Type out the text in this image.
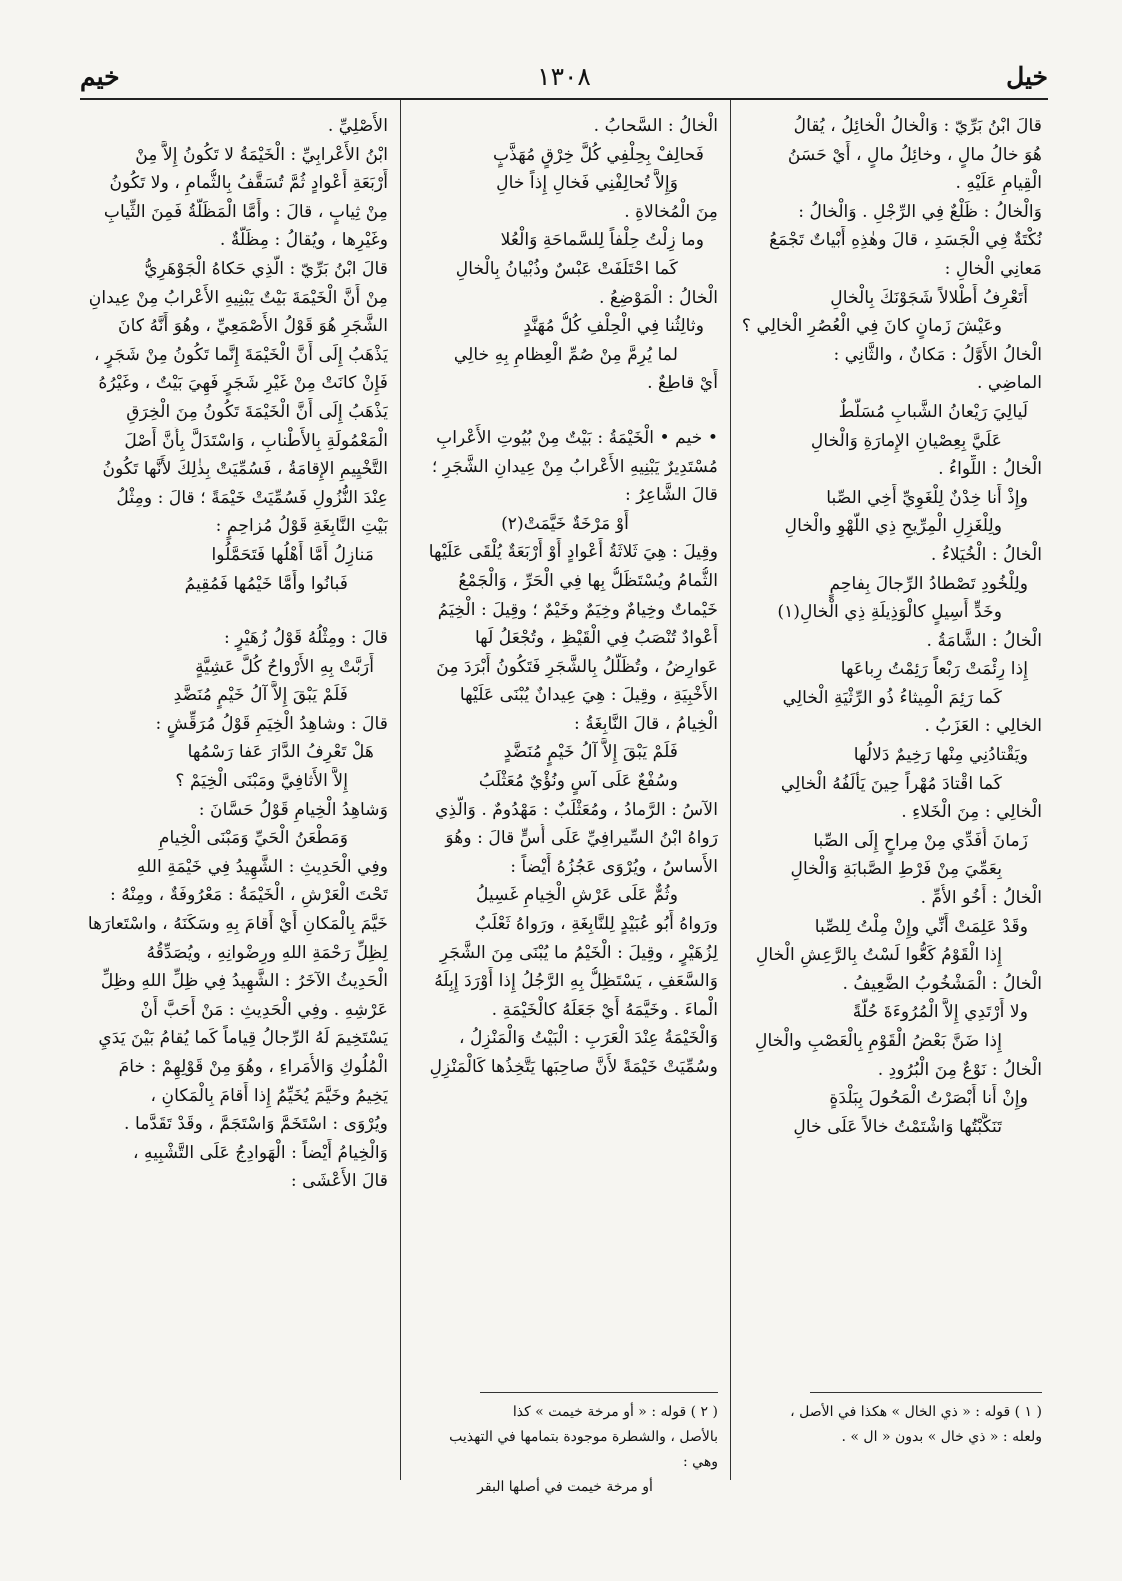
خيم	١٣٠٨	خيل
قالَ ابْنُ بَرِّيّ : وَالْخالُ الْخائِلُ ، يُقالُ
هُوَ خالُ مالٍ ، وخائِلُ مالٍ ، أَيْ حَسَنُ
الْقِيامِ عَلَيْهِ .
وَالْخالُ : ظَلْعٌ فِي الرِّجْلِ . وَالْخالُ :
نُكْتَةٌ فِي الْجَسَدِ ، قالَ وهٰذِهِ أَبْياتٌ تَجْمَعُ
مَعانِي الْخالِ :
أَتَعْرِفُ أَطْلالاً شَجَوْنَكَ بِالْخالِ
وعَيْشَ زَمانٍ كانَ فِي الْعُصُرِ الْخالِي ؟
الْخالُ الأَوَّلُ : مَكانٌ ، والثَّانِي :
الماضِي .
لَيالِيَ رَيْعانُ الشَّبابِ مُسَلَّطٌ
عَلَيَّ بِعِصْيانِ الإِمارَةِ وَالْخالِ
الْخالُ : اللِّواءُ .
وإِذْ أَنا خِدْنٌ لِلْغَوِيِّ أَخِي الصِّبا
ولِلْغَزِلِ الْمِرِّيحِ ذِي اللَّهْوِ والْخالِ
الْخالُ : الْخُيَلاءُ .
ولِلْخُودِ تَصْطادُ الرِّجالَ بِفاحِمٍ
وخَدٍّ أَسِيلٍ كالْوَذِيلَةِ ذِي الْخالِ(١)
الْخالُ : الشَّامَةُ .
إِذا رِئْمَتْ رَبْعاً رَئِمْتُ رِباعَها
كَما رَئِمَ الْمِيثاءُ ذُو الرِّثْيَةِ الْخالِي
الخالِي : العَزَبُ .
ويَقْتادُنِي مِنْها رَخِيمٌ دَلالُها
كَما اقْتادَ مُهْراً حِينَ يَأْلَفُهُ الْخالِي
الْخالِي : مِنَ الْخَلاءِ .
زَمانَ أُفَدِّي مِنْ مِراحٍ إِلَى الصِّبا
بِعَمِّيَ مِنْ فَرْطِ الصَّبابَةِ وَالْخالِ
الْخالُ : أَخُو الأُمِّ .
وقَدْ عَلِمَتْ أَنِّي وإِنْ مِلْتُ لِلصِّبا
إِذا الْقَوْمُ كَعُّوا لَسْتُ بِالرَّعِشِ الْخالِ
الْخالُ : الْمَشْخُوبُ الضَّعِيفُ .
ولا أَرْتَدِي إِلاَّ الْمُرُوءَةَ حُلَّةً
إِذا ضَنَّ بَعْضُ الْقَوْمِ بِالْعَصْبِ والْخالِ
الْخالُ : نَوْعٌ مِنَ الْبُرُودِ .
وإِنْ أَنا أَبْصَرْتُ الْمَحُولَ بِبَلْدَةٍ
تَنَكَّبْتُها وَاشْتَمْتُ خالاً عَلَى خالِ
الْخالُ : السَّحابُ .
فَحالِفْ بِحِلْفِي كُلَّ خِرْقٍ مُهَذَّبٍ
وَإِلاَّ تُحالِفْنِي فَخالِ إِذاً خالِ
مِنَ الْمُخالاةِ .
وما زِلْتُ حِلْفاً لِلسَّماحَةِ وَالْعُلا
كَما احْتَلَفَتْ عَبْسٌ وذُبْيانُ بِالْخالِ
الْخالُ : الْمَوْضِعُ .
وثالِثُنا فِي الْحِلْفِ كُلُّ مُهَنَّدٍ
لما يُرِمَّ مِنْ صُمِّ الْعِظامِ بِهِ خالِي
أَيْ قاطِعٌ .
• خيم • الْخَيْمَةُ : بَيْتٌ مِنْ بُيُوتِ الأَعْرابِ
مُسْتَدِيرٌ يَبْنِيهِ الأَعْرابُ مِنْ عِيدانِ الشَّجَرِ ؛
قالَ الشَّاعِرُ :
أَوْ مَرْخَةٌ خَيَّمَتْ(٢)
وقِيلَ : هِيَ ثَلاثَةُ أَعْوادٍ أَوْ أَرْبَعَةٌ يُلْقَى عَلَيْها
الثُّمامُ ويُسْتَظَلُّ بِها فِي الْحَرِّ ، وَالْجَمْعُ
خَيْماتٌ وخِيامٌ وخِيَمٌ وخَيْمٌ ؛ وقِيلَ : الْخِيَمُ
أَعْوادٌ تُنْصَبُ فِي الْقَيْظِ ، وتُجْعَلُ لَها
عَوارِضُ ، وتُظَلَّلُ بِالشَّجَرِ فَتَكُونُ أَبْرَدَ مِنَ
الأَخْبِيَةِ ، وقِيلَ : هِيَ عِيدانٌ يُبْنَى عَلَيْها
الْخِيامُ ، قالَ النَّابِغَةُ :
فَلَمْ يَبْقَ إِلاَّ آلُ خَيْمٍ مُنَضَّدٍ
وسُفْعٌ عَلَى آسٍ ونُؤْيٌ مُعَثْلَبُ
الآسُ : الرَّمادُ ، ومُعَثْلَبٌ : مَهْدُومٌ . وَالَّذِي
رَواهُ ابْنُ السِّيرافِيِّ عَلَى أُسٍّ قالَ : وهُوَ
الأَساسُ ، ويُرْوَى عَجُزُهُ أَيْضاً :
وثُمٌّ عَلَى عَرْشِ الْخِيامِ غَسِيلُ
ورَواهُ أَبُو عُبَيْدٍ لِلنَّابِغَةِ ، ورَواهُ ثَعْلَبٌ
لِزُهَيْرٍ ، وقِيلَ : الْخَيْمُ ما يُبْنَى مِنَ الشَّجَرِ
وَالسَّعَفِ ، يَسْتَظِلُّ بِهِ الرَّجُلُ إِذا أَوْرَدَ إِبِلَهُ
الْماءَ . وخَيَّمَهُ أَيْ جَعَلَهُ كالْخَيْمَةِ .
وَالْخَيْمَةُ عِنْدَ الْعَرَبِ : الْبَيْتُ وَالْمَنْزِلُ ،
وسُمِّيَتْ خَيْمَةً لأَنَّ صاحِبَها يَتَّخِذُها كَالْمَنْزِلِ
الأَصْلِيِّ .
ابْنُ الأَعْرابِيِّ : الْخَيْمَةُ لا تَكُونُ إِلاَّ مِنْ
أَرْبَعَةِ أَعْوادٍ ثُمَّ تُسَقَّفُ بِالثُّمامِ ، ولا تَكُونُ
مِنْ ثِيابٍ ، قالَ : وأَمَّا الْمَظَلَّةُ فَمِنَ الثِّيابِ
وغَيْرِها ، ويُقالُ : مِظَلَّةٌ .
قالَ ابْنُ بَرِّيّ : الَّذِي حَكاهُ الْجَوْهَرِيُّ
مِنْ أَنَّ الْخَيْمَةَ بَيْتٌ يَبْنِيهِ الأَعْرابُ مِنْ عِيدانِ
الشَّجَرِ هُوَ قَوْلُ الأَصْمَعِيِّ ، وهُوَ أَنَّهُ كانَ
يَذْهَبُ إِلَى أَنَّ الْخَيْمَةَ إِنَّما تَكُونُ مِنْ شَجَرٍ ،
فَإِنْ كانَتْ مِنْ غَيْرِ شَجَرٍ فَهِيَ بَيْتٌ ، وغَيْرُهُ
يَذْهَبُ إِلَى أَنَّ الْخَيْمَةَ تَكُونُ مِنَ الْخِرَقِ
الْمَعْمُولَةِ بِالأَطْنابِ ، وَاسْتَدَلَّ بِأَنَّ أَصْلَ
التَّخْيِيمِ الإِقامَةُ ، فَسُمِّيَتْ بِذٰلِكَ لأَنَّها تَكُونُ
عِنْدَ النُّزُولِ فَسُمِّيَتْ خَيْمَةً ؛ قالَ : ومِثْلُ
بَيْتِ النَّابِغَةِ قَوْلُ مُزاحِمٍ :
مَنازِلُ أَمَّا أَهْلُها فَتَحَمَّلُوا
فَبانُوا وأَمَّا خَيْمُها فَمُقِيمُ
قالَ : ومِثْلُهُ قَوْلُ زُهَيْرٍ :
أَرَبَّتْ بِهِ الأَرْواحُ كُلَّ عَشِيَّةٍ
فَلَمْ يَبْقَ إِلاَّ آلُ خَيْمٍ مُنَضَّدِ
قالَ : وشاهِدُ الْخِيَمِ قَوْلُ مُرَقِّشٍ :
هَلْ تَعْرِفُ الدَّارَ عَفا رَسْمُها
إِلاَّ الأَثافِيَّ ومَبْنَى الْخِيَمْ ؟
وَشاهِدُ الْخِيامِ قَوْلُ حَسَّانَ :
وَمَطْعَنُ الْحَيِّ وَمَبْنَى الْخِيامِ
وفِي الْحَدِيثِ : الشَّهِيدُ فِي خَيْمَةِ اللهِ
تَحْتَ الْعَرْشِ ، الْخَيْمَةُ : مَعْرُوفَةٌ ، ومِنْهُ :
خَيَّمَ بِالْمَكانِ أَيْ أَقامَ بِهِ وسَكَنَهُ ، واسْتَعارَها
لِظِلِّ رَحْمَةِ اللهِ ورِضْوانِهِ ، ويُصَدِّقُهُ
الْحَدِيثُ الآخَرُ : الشَّهِيدُ فِي ظِلِّ اللهِ وظِلِّ
عَرْشِهِ . وفِي الْحَدِيثِ : مَنْ أَحَبَّ أَنْ
يَسْتَخِيمَ لَهُ الرِّجالُ قِياماً كَما يُقامُ بَيْنَ يَدَيِ
الْمُلُوكِ وَالأُمَراءِ ، وهُوَ مِنْ قَوْلِهِمْ : خامَ
يَخِيمُ وخَيَّمَ يُخَيِّمُ إِذا أَقامَ بِالْمَكانِ ،
ويُرْوَى : اسْتَخَمَّ وَاسْتَجَمَّ ، وقَدْ تَقَدَّما .
وَالْخِيامُ أَيْضاً : الْهَوادِجُ عَلَى التَّشْبِيهِ ،
قالَ الأَعْشَى :
( ١ ) قوله : « ذي الخال » هكذا في الأصل ،
ولعله : « ذي خال » بدون « ال » .
( ٢ ) قوله : « أو مرخة خيمت » كذا
بالأصل ، والشطرة موجودة بتمامها في التهذيب
وهي :
أو مرخة خيمت في أصلها البقر
